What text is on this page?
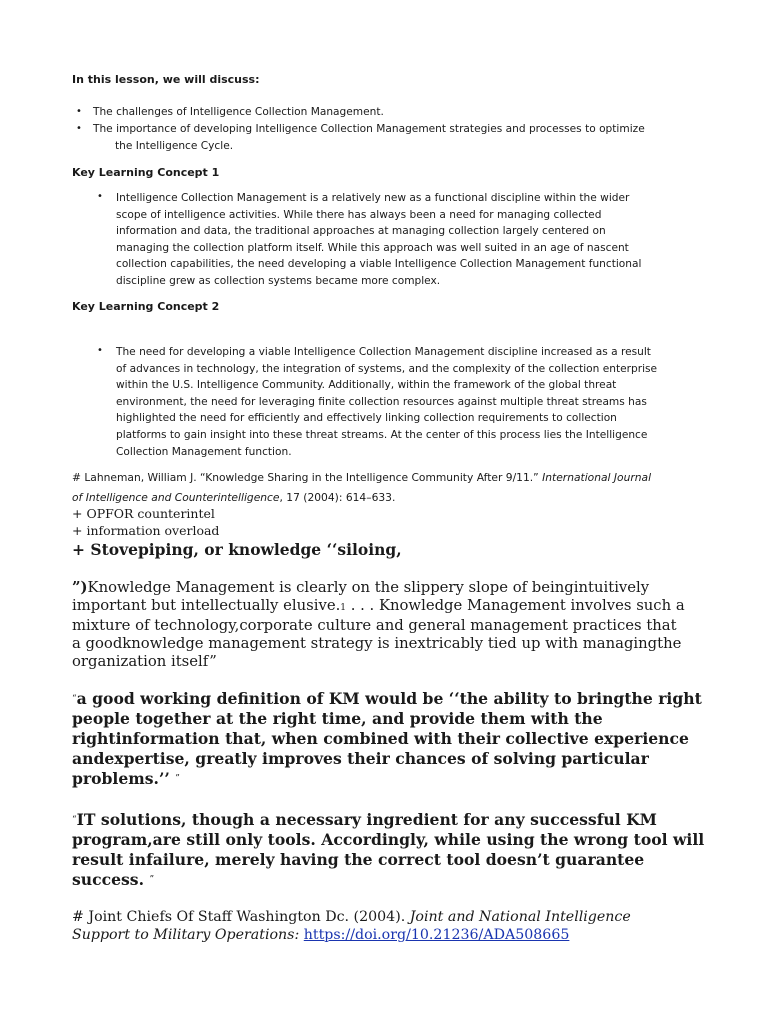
In this lesson, we will discuss:
• The challenges of Intelligence Collection Management.
• The importance of developing Intelligence Collection Management strategies and processes to optimize
the Intelligence Cycle.
Key Learning Concept 1
• Intelligence Collection Management is a relatively new as a functional discipline within the wider
scope of intelligence activities. While there has always been a need for managing collected
information and data, the traditional approaches at managing collection largely centered on
managing the collection platform itself. While this approach was well suited in an age of nascent
collection capabilities, the need developing a viable Intelligence Collection Management functional
discipline grew as collection systems became more complex.
Key Learning Concept 2
• The need for developing a viable Intelligence Collection Management discipline increased as a result
of advances in technology, the integration of systems, and the complexity of the collection enterprise
within the U.S. Intelligence Community. Additionally, within the framework of the global threat
environment, the need for leveraging finite collection resources against multiple threat streams has
highlighted the need for efficiently and effectively linking collection requirements to collection
platforms to gain insight into these threat streams. At the center of this process lies the Intelligence
Collection Management function.
# Lahneman, William J. “Knowledge Sharing in the Intelligence Community After 9/11.” International Journal
of Intelligence and Counterintelligence, 17 (2004): 614–633.
+ OPFOR counterintel
+ information overload
+ Stovepiping, or knowledge ‘‘siloing,
”)Knowledge Management is clearly on the slippery slope of beingintuitively
important but intellectually elusive.1 . . . Knowledge Management involves such a
mixture of technology,corporate culture and general management practices that
a goodknowledge management strategy is inextricably tied up with managingthe
organization itself”
“a good working definition of KM would be ‘‘the ability to bringthe right
people together at the right time, and provide them with the
rightinformation that, when combined with their collective experience
andexpertise, greatly improves their chances of solving particular
problems.’’ ”
“IT solutions, though a necessary ingredient for any successful KM
program,are still only tools. Accordingly, while using the wrong tool will
result infailure, merely having the correct tool doesn’t guarantee
success. ”
# Joint Chiefs Of Staff Washington Dc. (2004). Joint and National Intelligence
Support to Military Operations: https://doi.org/10.21236/ADA508665
